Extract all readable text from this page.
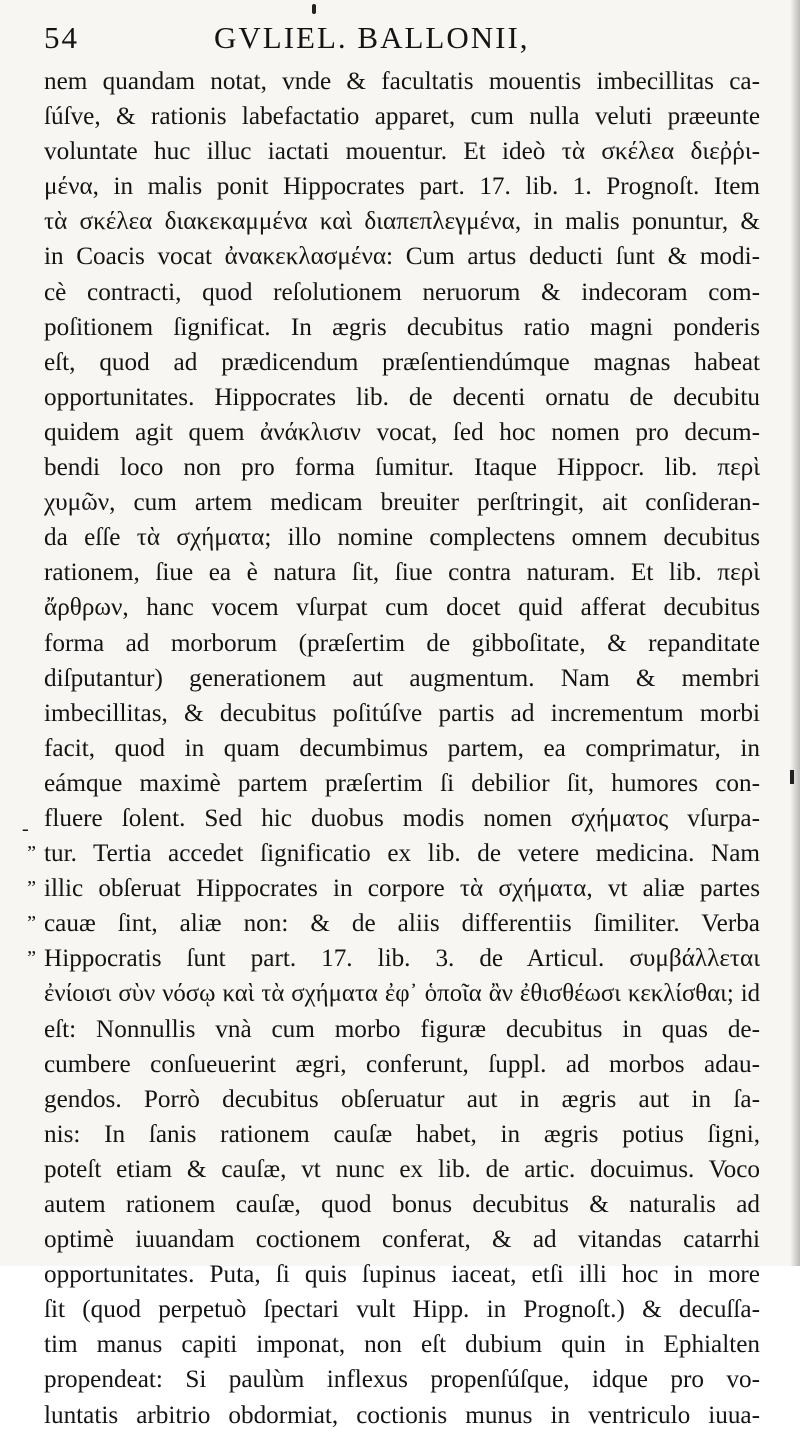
54	GVLIEL. BALLONII,
nem quandam notat, vnde & facultatis mouentis imbecillitas ca-
ſúſve, & rationis labefactatio apparet, cum nulla veluti præeunte
voluntate huc illuc iactati mouentur. Et ideò τὰ σκέλεα διεῤῥι-
μένα, in malis ponit Hippocrates part. 17. lib. 1. Prognoſt. Item
τὰ σκέλεα διακεκαμμένα καὶ διαπεπλεγμένα, in malis ponuntur, &
in Coacis vocat ἀνακεκλασμένα: Cum artus deducti ſunt & modi-
cè contracti, quod reſolutionem neruorum & indecoram com-
poſitionem ſignificat. In ægris decubitus ratio magni ponderis
eſt, quod ad prædicendum præſentiendúmque magnas habeat
opportunitates. Hippocrates lib. de decenti ornatu de decubitu
quidem agit quem ἀνάκλισιν vocat, ſed hoc nomen pro decum-
bendi loco non pro forma ſumitur. Itaque Hippocr. lib. περὶ
χυμῶν, cum artem medicam breuiter perſtringit, ait conſideran-
da eſſe τὰ σχήματα; illo nomine complectens omnem decubitus
rationem, ſiue ea è natura ſit, ſiue contra naturam. Et lib. περὶ
ἄρθρων, hanc vocem vſurpat cum docet quid afferat decubitus
forma ad morborum (præſertim de gibboſitate, & repanditate
diſputantur) generationem aut augmentum. Nam & membri
imbecillitas, & decubitus poſitúſve partis ad incrementum morbi
facit, quod in quam decumbimus partem, ea comprimatur, in
eámque maximè partem præſertim ſi debilior ſit, humores con-
fluere ſolent. Sed hic duobus modis nomen σχήματος vſurpa-
tur. Tertia accedet ſignificatio ex lib. de vetere medicina. Nam
illic obſeruat Hippocrates in corpore τὰ σχήματα, vt aliæ partes
cauæ ſint, aliæ non: & de aliis differentiis ſimiliter. Verba
Hippocratis ſunt part. 17. lib. 3. de Articul. συμβάλλεται
ἐνίοισι σὺν νόσῳ καὶ τὰ σχήματα ἐφ᾽ ὁποῖα ἂν ἐθισθέωσι κεκλίσθαι; id
eſt: Nonnullis vnà cum morbo figuræ decubitus in quas de-
cumbere conſueuerint ægri, conferunt, ſuppl. ad morbos adau-
gendos. Porrò decubitus obſeruatur aut in ægris aut in ſa-
nis: In ſanis rationem cauſæ habet, in ægris potius ſigni,
poteſt etiam & cauſæ, vt nunc ex lib. de artic. docuimus. Voco
autem rationem cauſæ, quod bonus decubitus & naturalis ad
optimè iuuandam coctionem conferat, & ad vitandas catarrhi
opportunitates. Puta, ſi quis ſupinus iaceat, etſi illi hoc in more
ſit (quod perpetuò ſpectari vult Hipp. in Prognoſt.) & decuſſa-
tim manus capiti imponat, non eſt dubium quin in Ephialten
propendeat: Si paulùm inflexus propenſúſque, idque pro vo-
luntatis arbitrio obdormiat, coctionis munus in ventriculo iuua-
-
”
”
”
”
